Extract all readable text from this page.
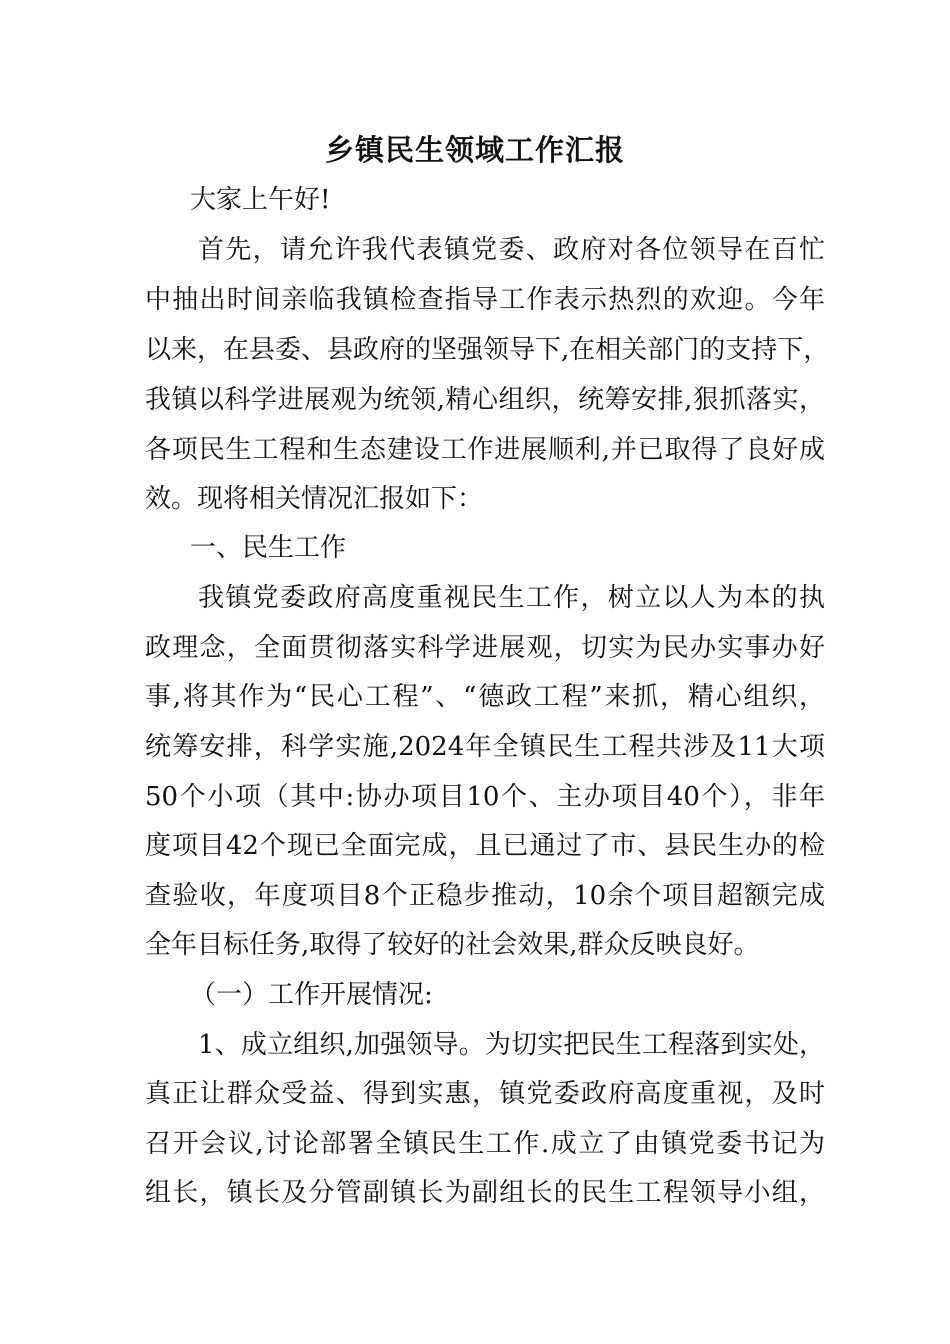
乡镇民生领域工作汇报

大家上午好!

首先，请允许我代表镇党委、政府对各位领导在百忙

中抽出时间亲临我镇检查指导工作表示热烈的欢迎。今年

以来，在县委、县政府的坚强领导下,在相关部门的支持下，

我镇以科学进展观为统领,精心组织，统筹安排,狠抓落实，

各项民生工程和生态建设工作进展顺利,并已取得了良好成

效。现将相关情况汇报如下：

一、民生工作

我镇党委政府高度重视民生工作，树立以人为本的执

政理念，全面贯彻落实科学进展观，切实为民办实事办好

事,将其作为“民心工程”、“德政工程”来抓，精心组织，

统筹安排，科学实施,2024年全镇民生工程共涉及11大项

50个小项（其中:协办项目10个、主办项目40个），非年

度项目42个现已全面完成，且已通过了市、县民生办的检

查验收，年度项目8个正稳步推动，10余个项目超额完成

全年目标任务,取得了较好的社会效果,群众反映良好。

（一）工作开展情况:

1、成立组织,加强领导。为切实把民生工程落到实处，

真正让群众受益、得到实惠，镇党委政府高度重视，及时

召开会议,讨论部署全镇民生工作.成立了由镇党委书记为

组长，镇长及分管副镇长为副组长的民生工程领导小组，
